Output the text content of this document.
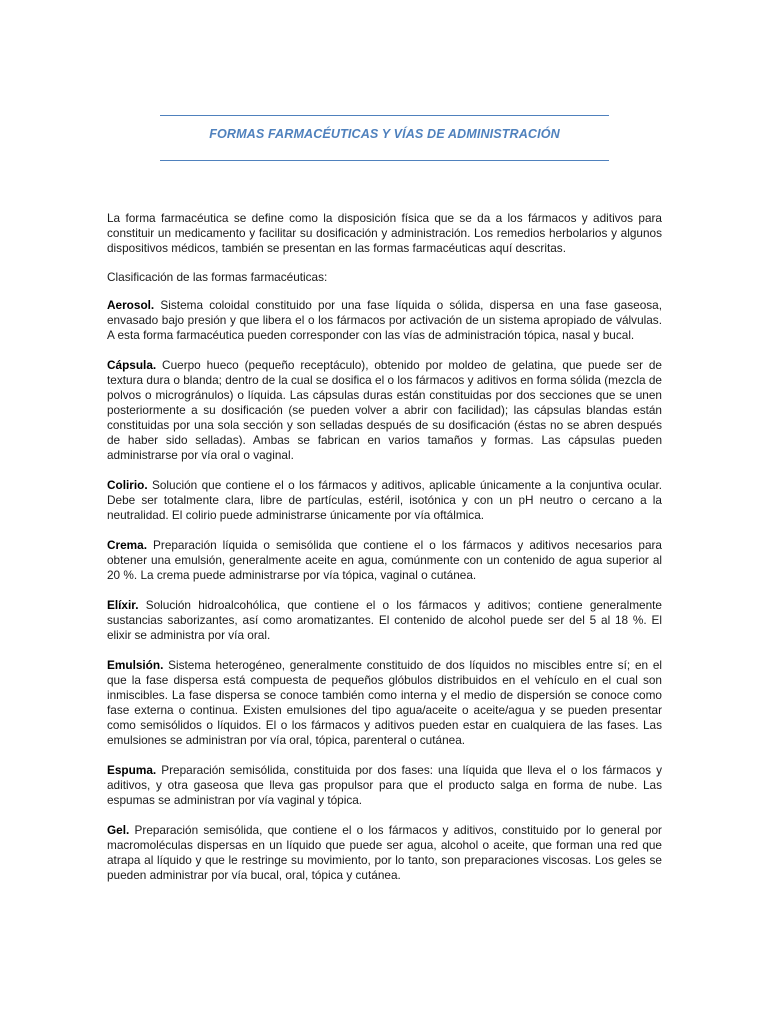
FORMAS FARMACÉUTICAS Y VÍAS DE ADMINISTRACIÓN

La forma farmacéutica se define como la disposición física que se da a los fármacos y aditivos para constituir un medicamento y facilitar su dosificación y administración. Los remedios herbolarios y algunos dispositivos médicos, también se presentan en las formas farmacéuticas aquí descritas.

Clasificación de las formas farmacéuticas:

Aerosol. Sistema coloidal constituido por una fase líquida o sólida, dispersa en una fase gaseosa, envasado bajo presión y que libera el o los fármacos por activación de un sistema apropiado de válvulas. A esta forma farmacéutica pueden corresponder con las vías de administración tópica, nasal y bucal.

Cápsula. Cuerpo hueco (pequeño receptáculo), obtenido por moldeo de gelatina, que puede ser de textura dura o blanda; dentro de la cual se dosifica el o los fármacos y aditivos en forma sólida (mezcla de polvos o microgránulos) o líquida. Las cápsulas duras están constituidas por dos secciones que se unen posteriormente a su dosificación (se pueden volver a abrir con facilidad); las cápsulas blandas están constituidas por una sola sección y son selladas después de su dosificación (éstas no se abren después de haber sido selladas). Ambas se fabrican en varios tamaños y formas. Las cápsulas pueden administrarse por vía oral o vaginal.

Colirio. Solución que contiene el o los fármacos y aditivos, aplicable únicamente a la conjuntiva ocular. Debe ser totalmente clara, libre de partículas, estéril, isotónica y con un pH neutro o cercano a la neutralidad. El colirio puede administrarse únicamente por vía oftálmica.

Crema. Preparación líquida o semisólida que contiene el o los fármacos y aditivos necesarios para obtener una emulsión, generalmente aceite en agua, comúnmente con un contenido de agua superior al 20 %. La crema puede administrarse por vía tópica, vaginal o cutánea.

Elíxir. Solución hidroalcohólica, que contiene el o los fármacos y aditivos; contiene generalmente sustancias saborizantes, así como aromatizantes. El contenido de alcohol puede ser del 5 al 18 %. El elixir se administra por vía oral.

Emulsión. Sistema heterogéneo, generalmente constituido de dos líquidos no miscibles entre sí; en el que la fase dispersa está compuesta de pequeños glóbulos distribuidos en el vehículo en el cual son inmiscibles. La fase dispersa se conoce también como interna y el medio de dispersión se conoce como fase externa o continua. Existen emulsiones del tipo agua/aceite o aceite/agua y se pueden presentar como semisólidos o líquidos. El o los fármacos y aditivos pueden estar en cualquiera de las fases. Las emulsiones se administran por vía oral, tópica, parenteral o cutánea.

Espuma. Preparación semisólida, constituida por dos fases: una líquida que lleva el o los fármacos y aditivos, y otra gaseosa que lleva gas propulsor para que el producto salga en forma de nube. Las espumas se administran por vía vaginal y tópica.

Gel. Preparación semisólida, que contiene el o los fármacos y aditivos, constituido por lo general por macromoléculas dispersas en un líquido que puede ser agua, alcohol o aceite, que forman una red que atrapa al líquido y que le restringe su movimiento, por lo tanto, son preparaciones viscosas. Los geles se pueden administrar por vía bucal, oral, tópica y cutánea.
